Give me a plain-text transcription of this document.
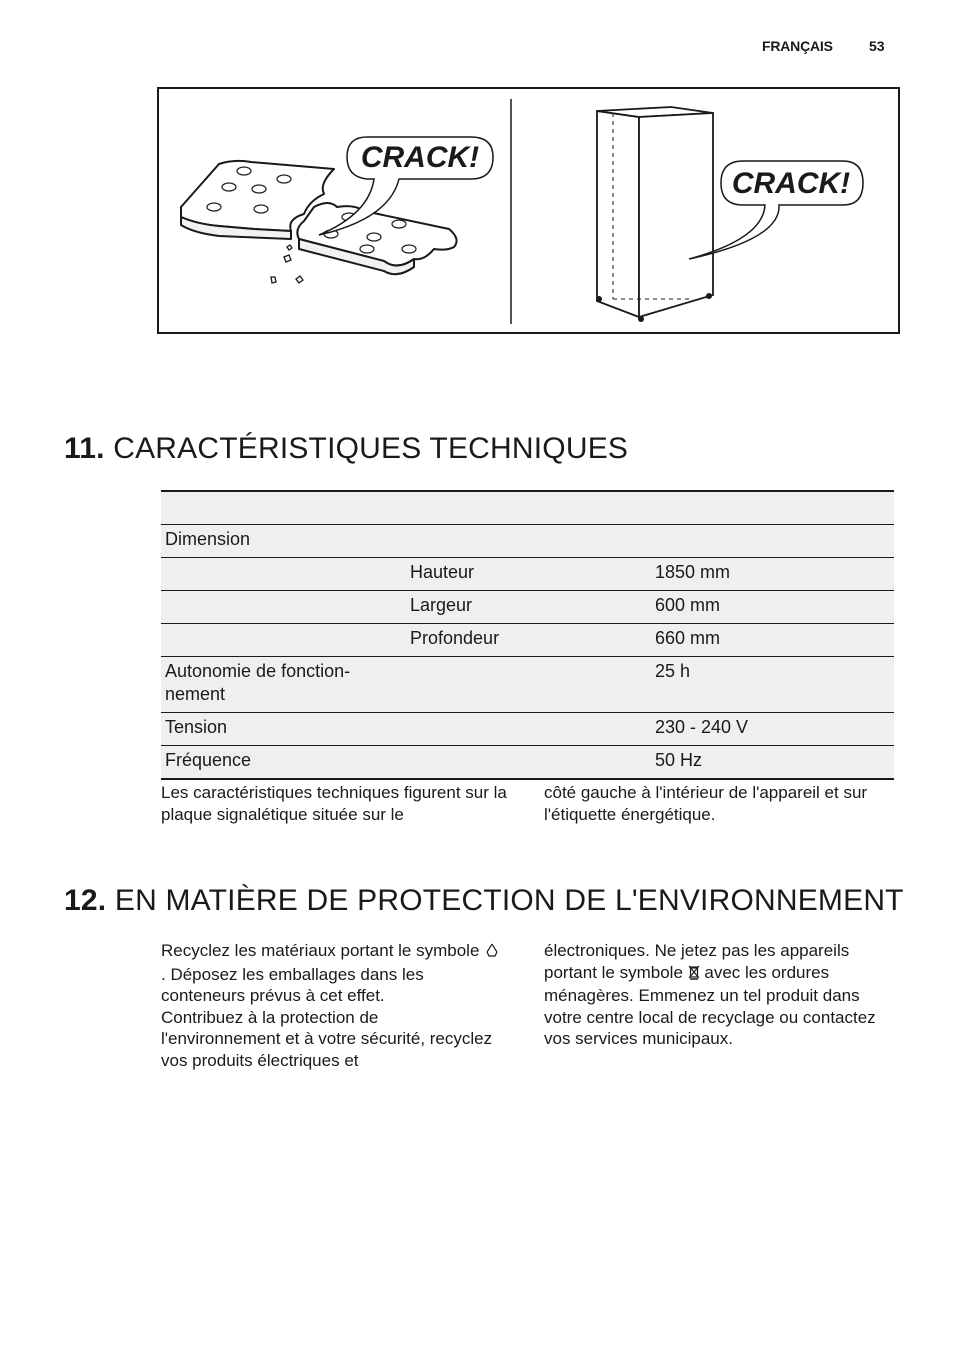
FRANÇAIS	53
CRACK!
CRACK!
11. CARACTÉRISTIQUES TECHNIQUES

Dimension		
	Hauteur	1850 mm
	Largeur	600 mm
	Profondeur	660 mm
Autonomie de fonction-nement		25 h
Tension		230 - 240 V
Fréquence		50 Hz
Les caractéristiques techniques figurent sur la plaque signalétique située sur le
côté gauche à l'intérieur de l'appareil et sur l'étiquette énergétique.
12. EN MATIÈRE DE PROTECTION DE L'ENVIRONNEMENT
Recyclez les matériaux portant le symbole . Déposez les emballages dans les conteneurs prévus à cet effet.
Contribuez à la protection de l'environnement et à votre sécurité, recyclez vos produits électriques et
électroniques. Ne jetez pas les appareils portant le symbole avec les ordures ménagères. Emmenez un tel produit dans votre centre local de recyclage ou contactez vos services municipaux.
